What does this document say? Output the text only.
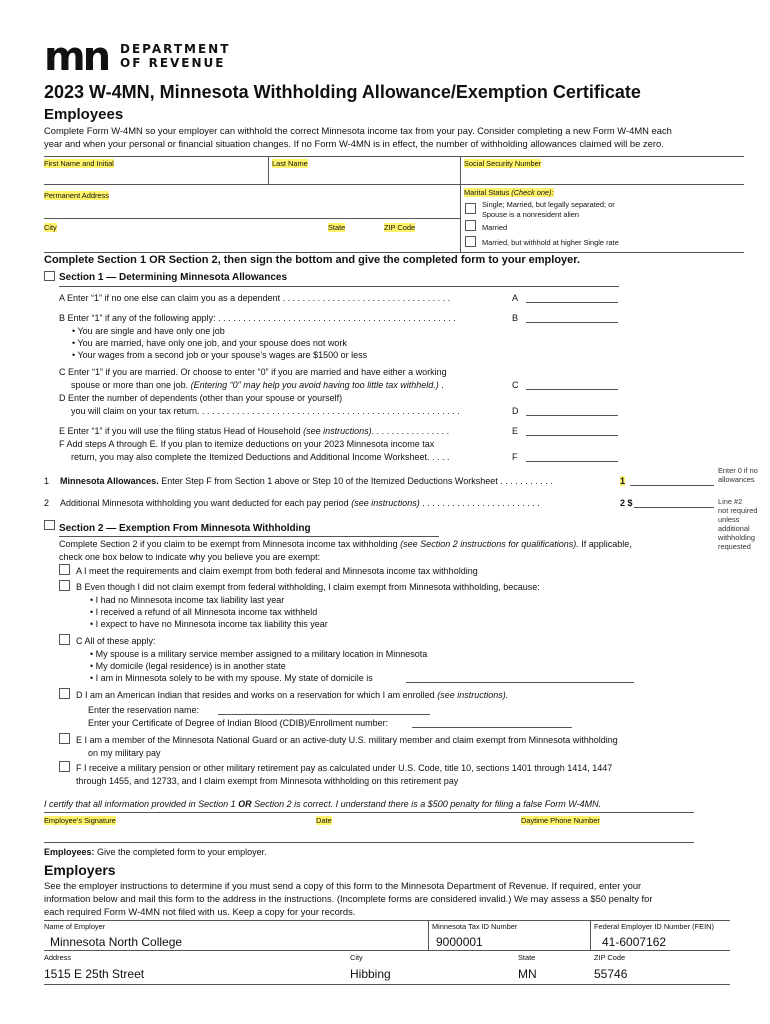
mn DEPARTMENT
OF REVENUE
2023 W-4MN, Minnesota Withholding Allowance/Exemption Certificate
Employees
Complete Form W-4MN so your employer can withhold the correct Minnesota income tax from your pay. Consider completing a new Form W-4MN each
year and when your personal or financial situation changes. If no Form W-4MN is in effect, the number of withholding allowances claimed will be zero.
First Name and Initial	Last Name	Social Security Number
Permanent Address	Marital Status (Check one):
City	State	ZIP Code
Single; Married, but legally separated; or
Spouse is a nonresident alien
Married
Married, but withhold at higher Single rate
Complete Section 1 OR Section 2, then sign the bottom and give the completed form to your employer.
Section 1 — Determining Minnesota Allowances
A Enter “1” if no one else can claim you as a dependent . . . . . . . . . . . . . . . . . . . . . . . . . . . . . . . . . .	A
B Enter “1” if any of the following apply: . . . . . . . . . . . . . . . . . . . . . . . . . . . . . . . . . . . . . . . . . . . . . . . .	B
• You are single and have only one job
• You are married, have only one job, and your spouse does not work
• Your wages from a second job or your spouse’s wages are $1500 or less
C Enter “1” if you are married. Or choose to enter “0” if you are married and have either a working
spouse or more than one job. (Entering “0” may help you avoid having too little tax withheld.) .	C
D Enter the number of dependents (other than your spouse or yourself)
you will claim on your tax return. . . . . . . . . . . . . . . . . . . . . . . . . . . . . . . . . . . . . . . . . . . . . . . . . . . . .	D
E Enter “1” if you will use the filing status Head of Household (see instructions). . . . . . . . . . . . . . . .	E
F Add steps A through E. If you plan to itemize deductions on your 2023 Minnesota income tax
return, you may also complete the Itemized Deductions and Additional Income Worksheet. . . . .	F
1 Minnesota Allowances. Enter Step F from Section 1 above or Step 10 of the Itemized Deductions Worksheet . . . . . . . . . . .	1
Enter 0 if no
allowances
2 Additional Minnesota withholding you want deducted for each pay period (see instructions) . . . . . . . . . . . . . . . . . . . . . . . .	2 $	Line #2
not required
unless
additional
withholding
requested
Section 2 — Exemption From Minnesota Withholding
Complete Section 2 if you claim to be exempt from Minnesota income tax withholding (see Section 2 instructions for qualifications). If applicable,
check one box below to indicate why you believe you are exempt:
A I meet the requirements and claim exempt from both federal and Minnesota income tax withholding
B Even though I did not claim exempt from federal withholding, I claim exempt from Minnesota withholding, because:
• I had no Minnesota income tax liability last year
• I received a refund of all Minnesota income tax withheld
• I expect to have no Minnesota income tax liability this year
C All of these apply:
• My spouse is a military service member assigned to a military location in Minnesota
• My domicile (legal residence) is in another state
• I am in Minnesota solely to be with my spouse. My state of domicile is
D I am an American Indian that resides and works on a reservation for which I am enrolled (see instructions).
Enter the reservation name:
Enter your Certificate of Degree of Indian Blood (CDIB)/Enrollment number:
E I am a member of the Minnesota National Guard or an active-duty U.S. military member and claim exempt from Minnesota withholding
on my military pay
F I receive a military pension or other military retirement pay as calculated under U.S. Code, title 10, sections 1401 through 1414, 1447
through 1455, and 12733, and I claim exempt from Minnesota withholding on this retirement pay
I certify that all information provided in Section 1 OR Section 2 is correct. I understand there is a $500 penalty for filing a false Form W-4MN.
Employee’s Signature	Date	Daytime Phone Number
Employees: Give the completed form to your employer.
Employers
See the employer instructions to determine if you must send a copy of this form to the Minnesota Department of Revenue. If required, enter your
information below and mail this form to the address in the instructions. (Incomplete forms are considered invalid.) We may assess a $50 penalty for
each required Form W-4MN not filed with us. Keep a copy for your records.
Name of Employer	Minnesota Tax ID Number	Federal Employer ID Number (FEIN)
Minnesota North College	9000001	41-6007162
Address	City	State	ZIP Code
1515 E 25th Street	Hibbing	MN	55746
